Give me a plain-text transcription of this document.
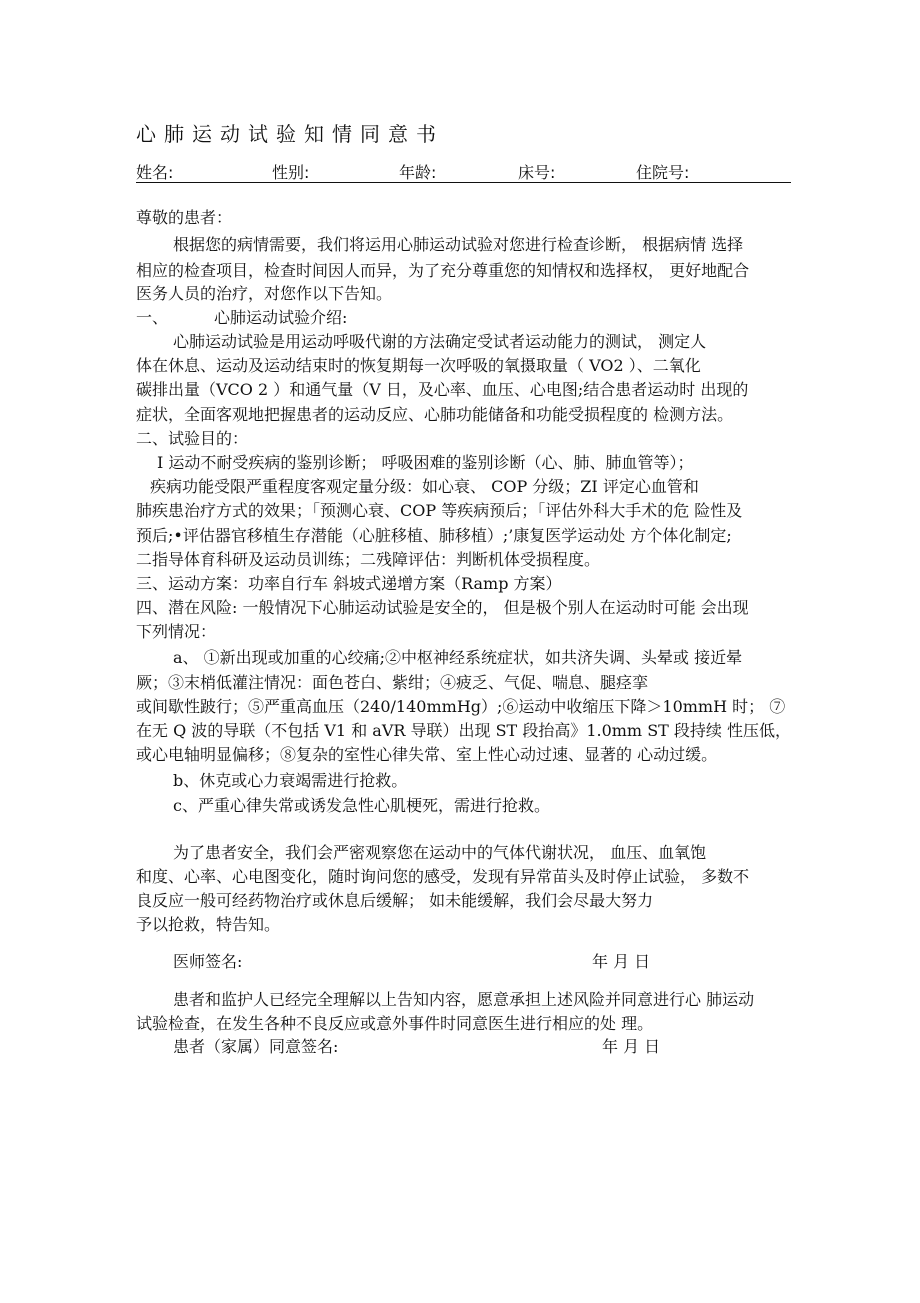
心肺运动试验知情同意书
姓名:	性别:	年龄:	床号:	住院号:
尊敬的患者：
根据您的病情需要，我们将运用心肺运动试验对您进行检查诊断， 根据病情 选择
相应的检查项目，检查时间因人而异，为了充分尊重您的知情权和选择权， 更好地配合
医务人员的治疗，对您作以下告知。
一、	心肺运动试验介绍:
心肺运动试验是用运动呼吸代谢的方法确定受试者运动能力的测试， 测定人
体在休息、运动及运动结束时的恢复期每一次呼吸的氧摄取量（ VO2 ）、二氧化
碳排出量（VCO 2 ）和通气量（V 日，及心率、血压、心电图;结合患者运动时 出现的
症状，全面客观地把握患者的运动反应、心肺功能储备和功能受损程度的 检测方法。
二、试验目的：
I 运动不耐受疾病的鉴别诊断； 呼吸困难的鉴别诊断（心、肺、肺血管等）；
疾病功能受限严重程度客观定量分级：如心衰、 COP 分级；ZI 评定心血管和
肺疾患治疗方式的效果；「预测心衰、COP 等疾病预后；「评估外科大手术的危 险性及
预后;•评估器官移植生存潜能（心脏移植、肺移植）;’康复医学运动处 方个体化制定;
二指导体育科研及运动员训练；二残障评估：判断机体受损程度。
三、运动方案：功率自行车 斜坡式递增方案（Ramp 方案）
四、潜在风险: 一般情况下心肺运动试验是安全的， 但是极个别人在运动时可能 会出现
下列情况：
a、 ①新出现或加重的心绞痛;②中枢神经系统症状，如共济失调、头晕或 接近晕
厥；③末梢低灌注情况：面色苍白、紫绀；④疲乏、气促、喘息、腿痉挛
或间歇性跛行；⑤严重高血压（240/140mmHg）;⑥运动中收缩压下降＞10mmH 时； ⑦
在无 Q 波的导联（不包括 V1 和 aVR 导联）出现 ST 段抬高》1.0mm ST 段持续 性压低，
或心电轴明显偏移；⑧复杂的室性心律失常、室上性心动过速、显著的 心动过缓。
b、休克或心力衰竭需进行抢救。
c、严重心律失常或诱发急性心肌梗死，需进行抢救。
为了患者安全，我们会严密观察您在运动中的气体代谢状况， 血压、血氧饱
和度、心率、心电图变化，随时询问您的感受，发现有异常苗头及时停止试验， 多数不
良反应一般可经药物治疗或休息后缓解； 如未能缓解，我们会尽最大努力
予以抢救，特告知。
医师签名:	年 月 日
患者和监护人已经完全理解以上告知内容，愿意承担上述风险并同意进行心 肺运动
试验检查，在发生各种不良反应或意外事件时同意医生进行相应的处 理。
患者（家属）同意签名:	年 月 日
